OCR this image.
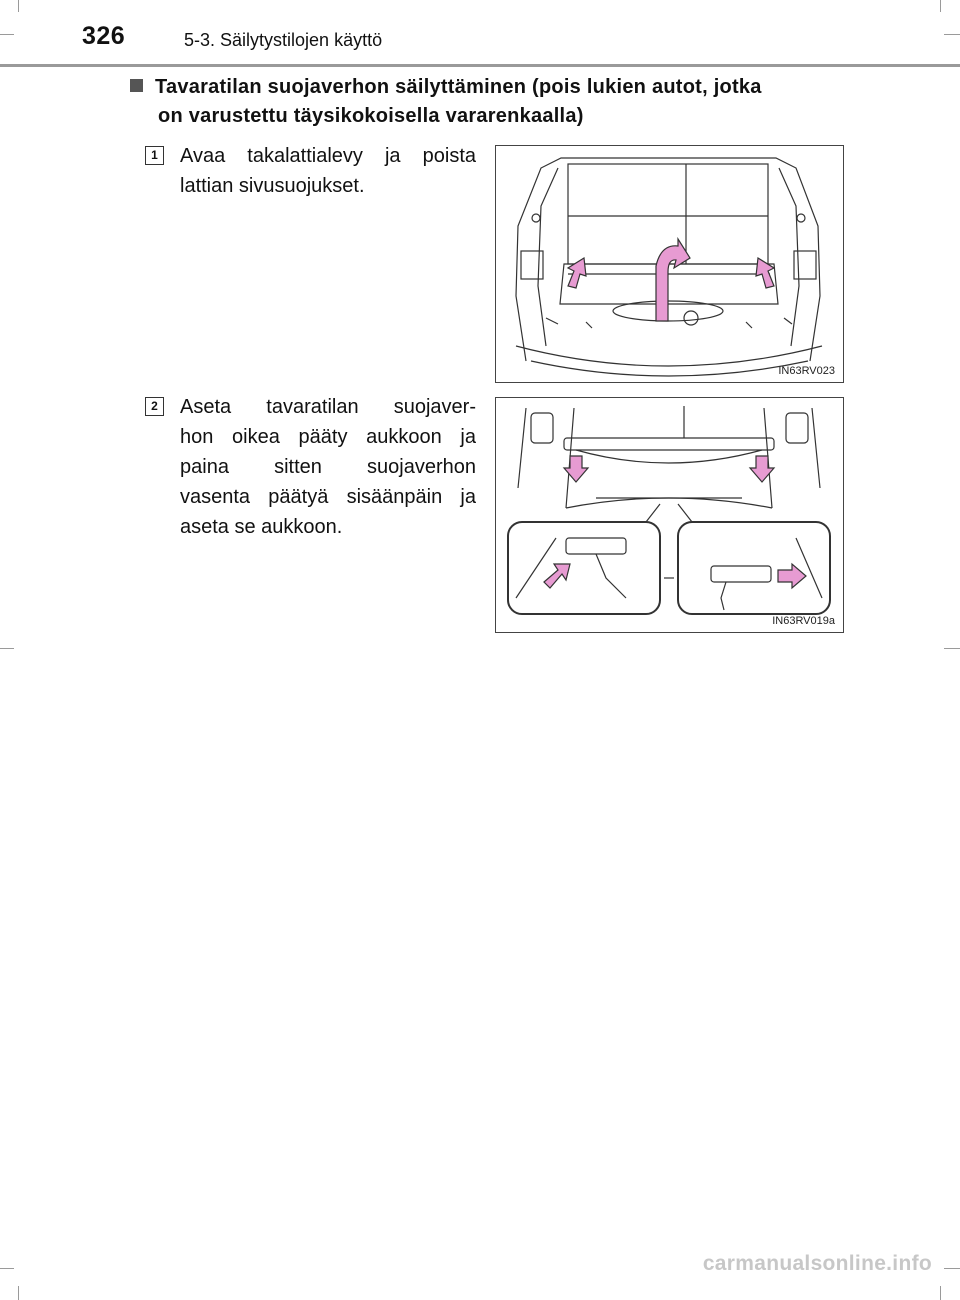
326	5-3. Säilytystilojen käyttö
Tavaratilan suojaverhon säilyttäminen (pois lukien autot, jotka
on varustettu täysikokoisella vararenkaalla)
1	Avaa takalattialevy ja poista
lattian sivusuojukset.
IN63RV023
2	Aseta tavaratilan suojaver-
hon oikea pääty aukkoon ja
paina sitten suojaverhon
vasenta päätyä sisäänpäin ja
aseta se aukkoon.
IN63RV019a
carmanualsonline.info
